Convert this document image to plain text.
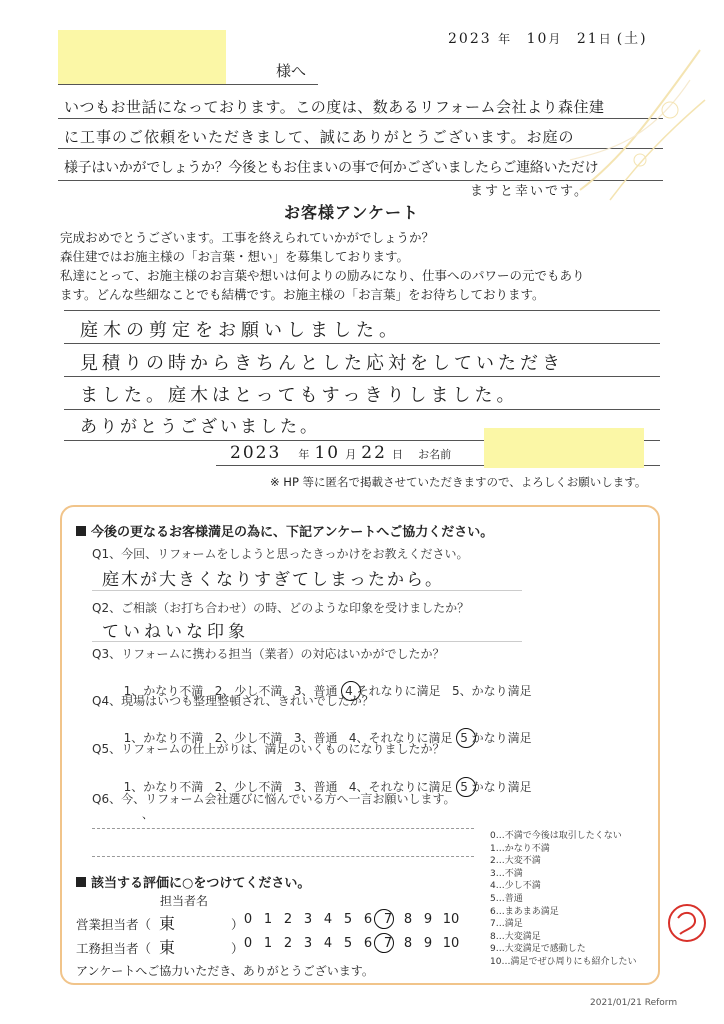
様へ
2023 年 10月 21日 (土)
いつもお世話になっております。この度は、数あるリフォーム会社より森住建
に工事のご依頼をいただきまして、誠にありがとうございます。お庭の
様子はいかがでしょうか？今後ともお住まいの事で何かございましたらご連絡いただけ
ますと幸いです。
お客様アンケート
完成おめでとうございます。工事を終えられていかがでしょうか？
森住建ではお施主様の「お言葉・想い」を募集しております。
私達にとって、お施主様のお言葉や想いは何よりの励みになり、仕事へのパワーの元でもあり
ます。どんな些細なことでも結構です。お施主様の「お言葉」をお待ちしております。
庭木の剪定をお願いしました。
見積りの時からきちんとした応対をしていただき
ました。庭木はとってもすっきりしました。
ありがとうございました。
2023 年 10 月 22 日 お名前
※ HP 等に匿名で掲載させていただきますので、よろしくお願いします。
今後の更なるお客様満足の為に、下記アンケートへご協力ください。
Q1、今回、リフォームをしようと思ったきっかけをお教えください。
庭木が大きくなりすぎてしまったから。
Q2、ご相談（お打ち合わせ）の時、どのような印象を受けましたか？
ていねいな印象
Q3、リフォームに携わる担当（業者）の対応はいかがでしたか？

1、かなり不満 2、少し不満 3、普通 4 それなりに満足 5、かなり満足

Q4、現場はいつも整理整頓され、きれいでしたか？

1、かなり不満 2、少し不満 3、普通 4、それなりに満足 5 かなり満足

Q5、リフォームの仕上がりは、満足のいくものになりましたか？

1、かなり不満 2、少し不満 3、普通 4、それなりに満足 5 かなり満足

Q6、今、リフォーム会社選びに悩んでいる方へ一言お願いします。
、
0…不満で今後は取引したくない
1…かなり不満
2…大変不満
3…不満
4…少し不満
5…普通
6…まあまあ満足
7…満足
8…大変満足
9…大変満足で感動した
10…満足でぜひ周りにも紹介したい
該当する評価に○をつけてください。
担当者名
営業担当者（ 東	） 0 1 2 3 4 5 6 7 8 9 10
工務担当者（ 東	） 0 1 2 3 4 5 6 7 8 9 10
アンケートへご協力いただき、ありがとうございます。
2021/01/21 Reform
